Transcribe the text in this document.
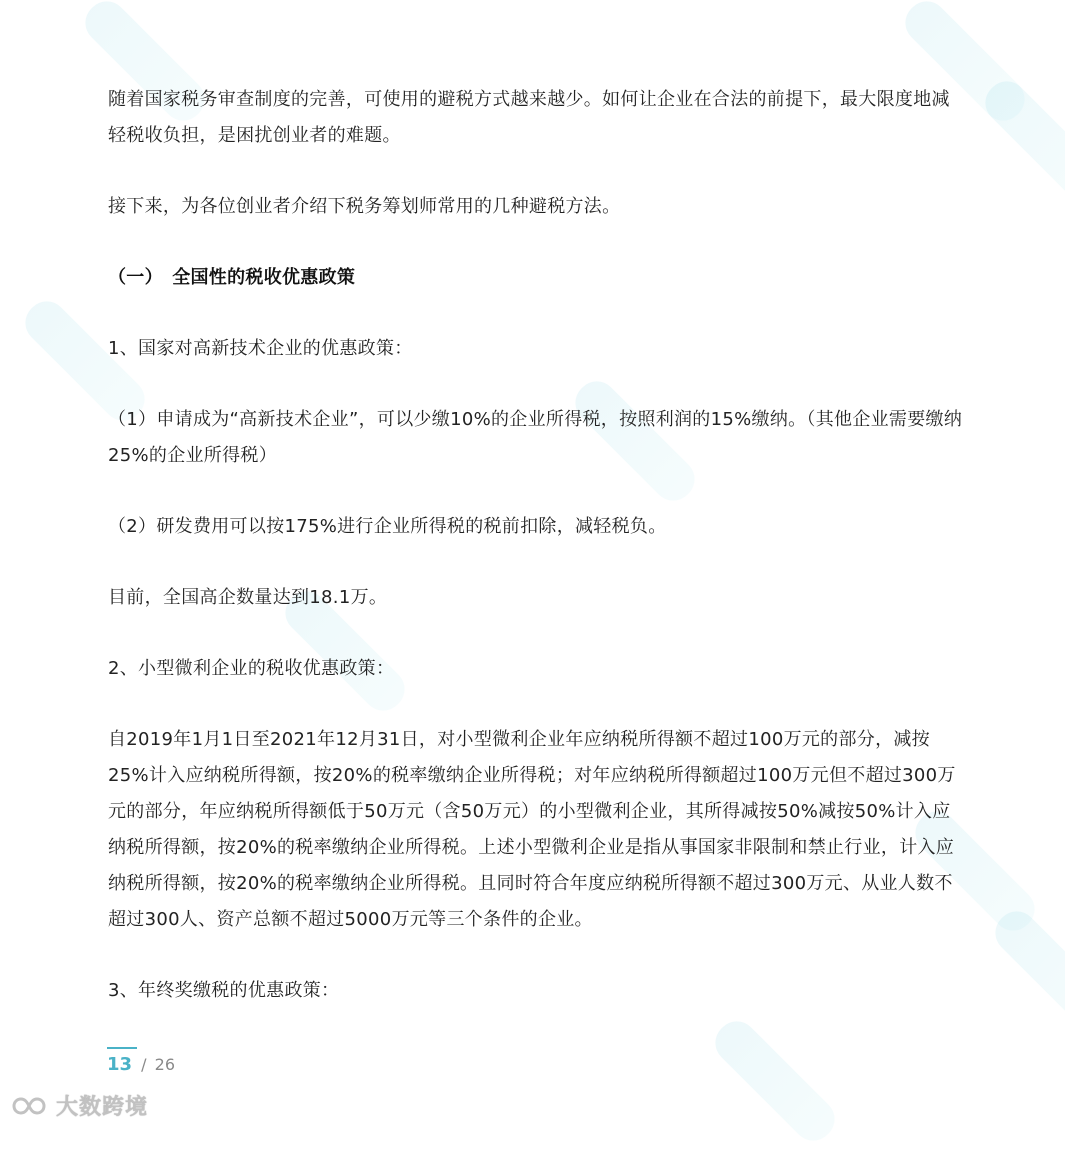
随着国家税务审查制度的完善，可使用的避税方式越来越少。如何让企业在合法的前提下，最大限度地减轻税收负担，是困扰创业者的难题。

接下来，为各位创业者介绍下税务筹划师常用的几种避税方法。

（一）　全国性的税收优惠政策

1、国家对高新技术企业的优惠政策：

（1）申请成为“高新技术企业”，可以少缴10%的企业所得税，按照利润的15%缴纳。（其他企业需要缴纳25%的企业所得税）

（2）研发费用可以按175%进行企业所得税的税前扣除，减轻税负。

目前，全国高企数量达到18.1万。

2、小型微利企业的税收优惠政策：

自2019年1月1日至2021年12月31日，对小型微利企业年应纳税所得额不超过100万元的部分，减按25%计入应纳税所得额，按20%的税率缴纳企业所得税；对年应纳税所得额超过100万元但不超过300万元的部分，年应纳税所得额低于50万元（含50万元）的小型微利企业，其所得减按50%减按50%计入应纳税所得额，按20%的税率缴纳企业所得税。上述小型微利企业是指从事国家非限制和禁止行业，计入应纳税所得额，按20%的税率缴纳企业所得税。且同时符合年度应纳税所得额不超过300万元、从业人数不超过300人、资产总额不超过5000万元等三个条件的企业。

3、年终奖缴税的优惠政策：

13 / 26
大数跨境
